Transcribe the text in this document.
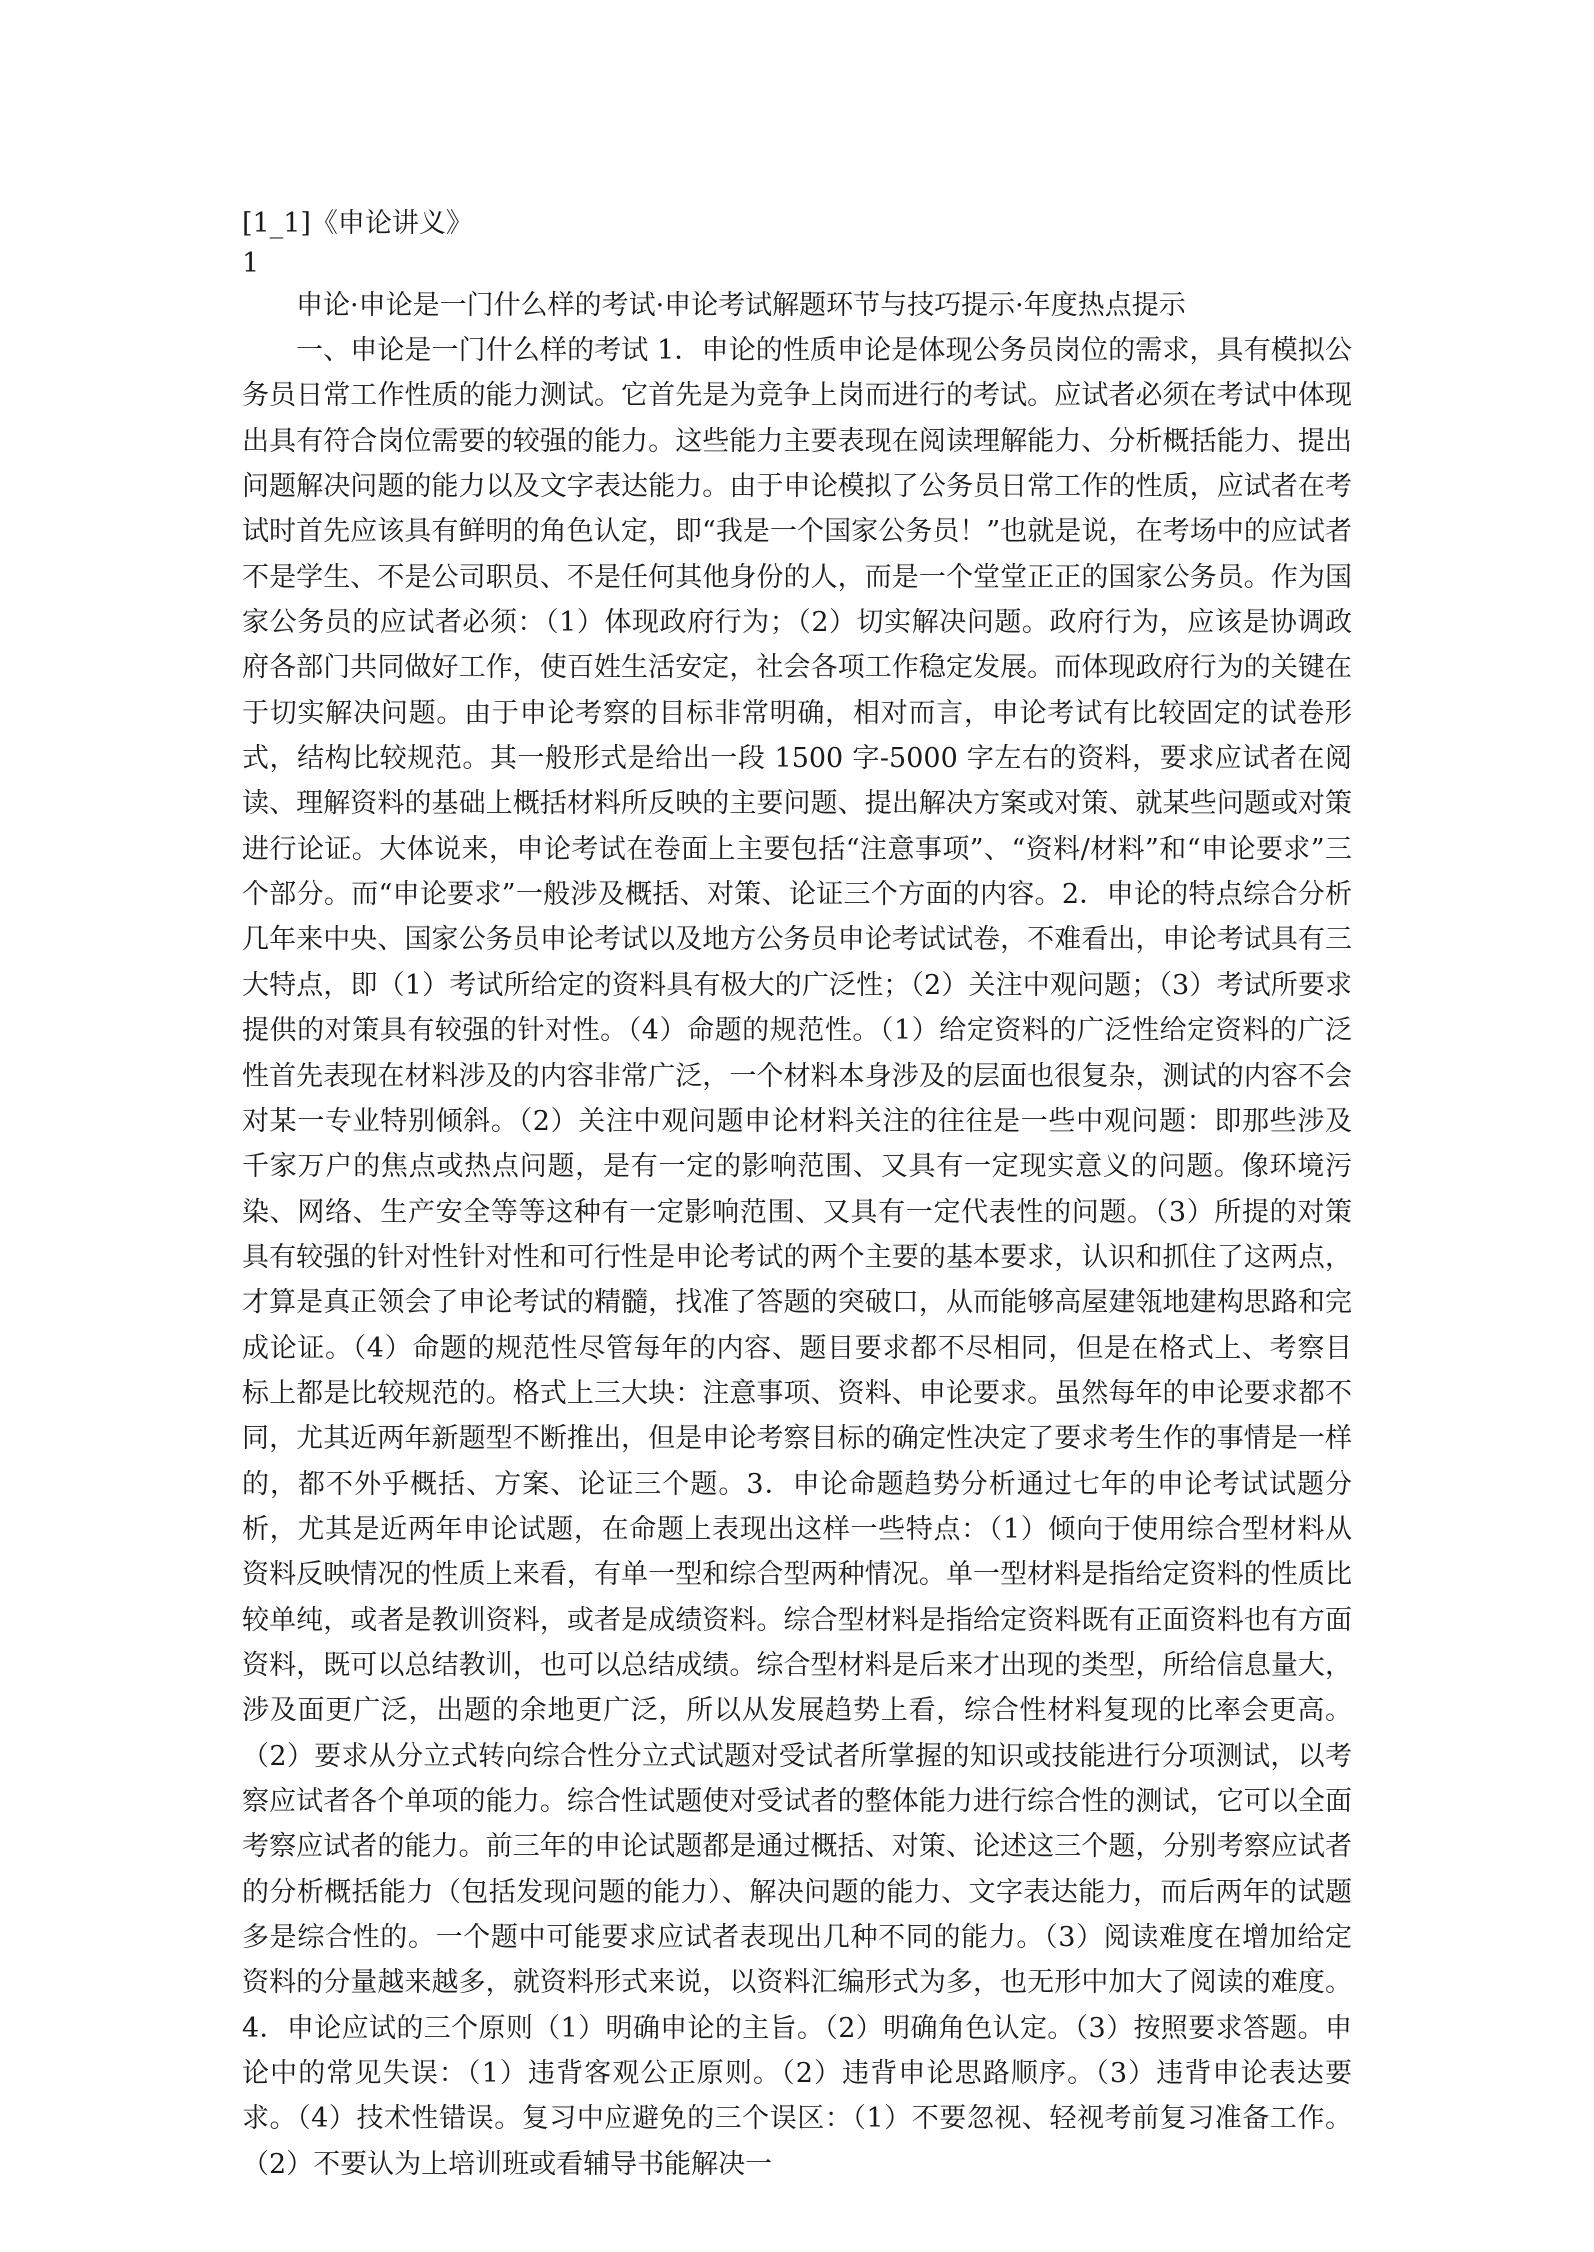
[1_1]《申论讲义》
1
申论·申论是一门什么样的考试·申论考试解题环节与技巧提示·年度热点提示
一、申论是一门什么样的考试 1．申论的性质申论是体现公务员岗位的需求，具有模拟公务员日常工作性质的能力测试。它首先是为竞争上岗而进行的考试。应试者必须在考试中体现出具有符合岗位需要的较强的能力。这些能力主要表现在阅读理解能力、分析概括能力、提出问题解决问题的能力以及文字表达能力。由于申论模拟了公务员日常工作的性质，应试者在考试时首先应该具有鲜明的角色认定，即“我是一个国家公务员！”也就是说，在考场中的应试者不是学生、不是公司职员、不是任何其他身份的人，而是一个堂堂正正的国家公务员。作为国家公务员的应试者必须：（1）体现政府行为；（2）切实解决问题。政府行为，应该是协调政府各部门共同做好工作，使百姓生活安定，社会各项工作稳定发展。而体现政府行为的关键在于切实解决问题。由于申论考察的目标非常明确，相对而言，申论考试有比较固定的试卷形式，结构比较规范。其一般形式是给出一段 1500 字-5000 字左右的资料，要求应试者在阅读、理解资料的基础上概括材料所反映的主要问题、提出解决方案或对策、就某些问题或对策进行论证。大体说来，申论考试在卷面上主要包括“注意事项”、“资料/材料”和“申论要求”三个部分。而“申论要求”一般涉及概括、对策、论证三个方面的内容。2．申论的特点综合分析几年来中央、国家公务员申论考试以及地方公务员申论考试试卷，不难看出，申论考试具有三大特点，即（1）考试所给定的资料具有极大的广泛性；（2）关注中观问题；（3）考试所要求提供的对策具有较强的针对性。（4）命题的规范性。（1）给定资料的广泛性给定资料的广泛性首先表现在材料涉及的内容非常广泛，一个材料本身涉及的层面也很复杂，测试的内容不会对某一专业特别倾斜。（2）关注中观问题申论材料关注的往往是一些中观问题：即那些涉及千家万户的焦点或热点问题，是有一定的影响范围、又具有一定现实意义的问题。像环境污染、网络、生产安全等等这种有一定影响范围、又具有一定代表性的问题。（3）所提的对策具有较强的针对性针对性和可行性是申论考试的两个主要的基本要求，认识和抓住了这两点，才算是真正领会了申论考试的精髓，找准了答题的突破口，从而能够高屋建瓴地建构思路和完成论证。（4）命题的规范性尽管每年的内容、题目要求都不尽相同，但是在格式上、考察目标上都是比较规范的。格式上三大块：注意事项、资料、申论要求。虽然每年的申论要求都不同，尤其近两年新题型不断推出，但是申论考察目标的确定性决定了要求考生作的事情是一样的，都不外乎概括、方案、论证三个题。3．申论命题趋势分析通过七年的申论考试试题分析，尤其是近两年申论试题，在命题上表现出这样一些特点：（1）倾向于使用综合型材料从资料反映情况的性质上来看，有单一型和综合型两种情况。单一型材料是指给定资料的性质比较单纯，或者是教训资料，或者是成绩资料。综合型材料是指给定资料既有正面资料也有方面资料，既可以总结教训，也可以总结成绩。综合型材料是后来才出现的类型，所给信息量大，涉及面更广泛，出题的余地更广泛，所以从发展趋势上看，综合性材料复现的比率会更高。（2）要求从分立式转向综合性分立式试题对受试者所掌握的知识或技能进行分项测试，以考察应试者各个单项的能力。综合性试题使对受试者的整体能力进行综合性的测试，它可以全面考察应试者的能力。前三年的申论试题都是通过概括、对策、论述这三个题，分别考察应试者的分析概括能力（包括发现问题的能力）、解决问题的能力、文字表达能力，而后两年的试题多是综合性的。一个题中可能要求应试者表现出几种不同的能力。（3）阅读难度在增加给定资料的分量越来越多，就资料形式来说，以资料汇编形式为多，也无形中加大了阅读的难度。4．申论应试的三个原则（1）明确申论的主旨。（2）明确角色认定。（3）按照要求答题。申论中的常见失误：（1）违背客观公正原则。（2）违背申论思路顺序。（3）违背申论表达要求。（4）技术性错误。复习中应避免的三个误区：（1）不要忽视、轻视考前复习准备工作。（2）不要认为上培训班或看辅导书能解决一
